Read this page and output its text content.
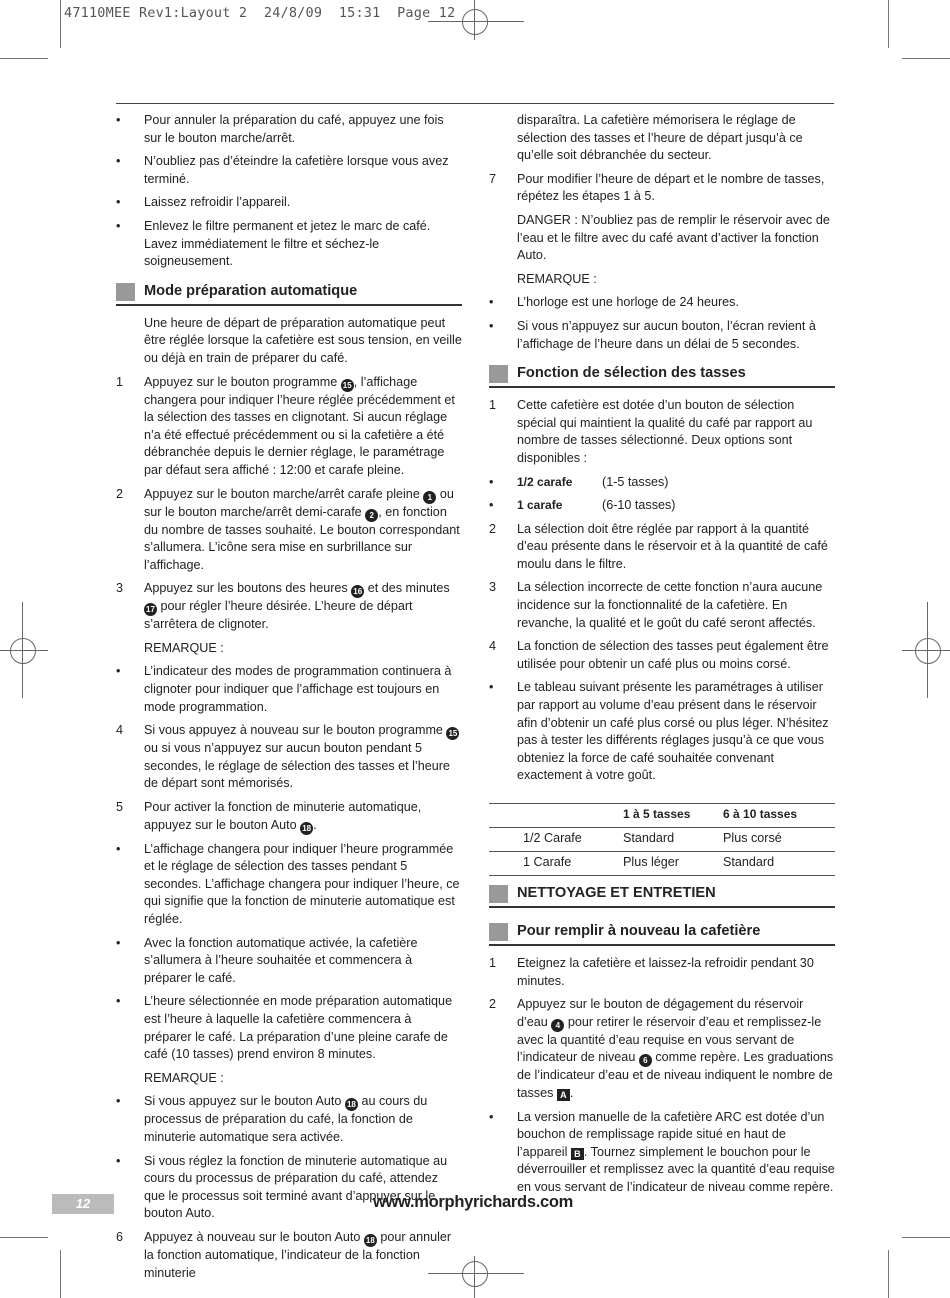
47110MEE Rev1:Layout 2  24/8/09  15:31  Page 12
• Pour annuler la préparation du café, appuyez une fois sur le bouton marche/arrêt.
• N’oubliez pas d’éteindre la cafetière lorsque vous avez terminé.
• Laissez refroidir l’appareil.
• Enlevez le filtre permanent et jetez le marc de café. Lavez immédiatement le filtre et séchez-le soigneusement.
Mode préparation automatique
Une heure de départ de préparation automatique peut être réglée lorsque la cafetière est sous tension, en veille ou déjà en train de préparer du café.
1 Appuyez sur le bouton programme 15 , l’affichage changera pour indiquer l’heure réglée précédemment et la sélection des tasses en clignotant. Si aucun réglage n’a été effectué précédemment ou si la cafetière a été débranchée depuis le dernier réglage, le paramétrage par défaut sera affiché : 12:00 et carafe pleine.
2 Appuyez sur le bouton marche/arrêt carafe pleine 1 ou sur le bouton marche/arrêt demi-carafe 2 , en fonction du nombre de tasses souhaité. Le bouton correspondant s’allumera. L’icône sera mise en surbrillance sur l’affichage.
3 Appuyez sur les boutons des heures 16 et des minutes 17 pour régler l’heure désirée. L’heure de départ s’arrêtera de clignoter.
REMARQUE :
• L’indicateur des modes de programmation continuera à clignoter pour indiquer que l’affichage est toujours en mode programmation.
4 Si vous appuyez à nouveau sur le bouton programme 15 ou si vous n’appuyez sur aucun bouton pendant 5 secondes, le réglage de sélection des tasses et l’heure de départ sont mémorisés.
5 Pour activer la fonction de minuterie automatique, appuyez sur le bouton Auto 18 .
• L’affichage changera pour indiquer l’heure programmée et le réglage de sélection des tasses pendant 5 secondes. L’affichage changera pour indiquer l’heure, ce qui signifie que la fonction de minuterie automatique est réglée.
• Avec la fonction automatique activée, la cafetière s’allumera à l’heure souhaitée et commencera à préparer le café.
• L’heure sélectionnée en mode préparation automatique est l’heure à laquelle la cafetière commencera à préparer le café. La préparation d’une pleine carafe de café (10 tasses) prend environ 8 minutes.
REMARQUE :
• Si vous appuyez sur le bouton Auto 18 au cours du processus de préparation du café, la fonction de minuterie automatique sera activée.
• Si vous réglez la fonction de minuterie automatique au cours du processus de préparation du café, attendez que le processus soit terminé avant d’appuyer sur le bouton Auto.
6 Appuyez à nouveau sur le bouton Auto 18 pour annuler la fonction automatique, l’indicateur de la fonction minuterie
disparaîtra. La cafetière mémorisera le réglage de sélection des tasses et l’heure de départ jusqu’à ce qu’elle soit débranchée du secteur.
7 Pour modifier l’heure de départ et le nombre de tasses, répétez les étapes 1 à 5.
DANGER : N’oubliez pas de remplir le réservoir avec de l’eau et le filtre avec du café avant d’activer la fonction Auto.
REMARQUE :
• L’horloge est une horloge de 24 heures.
• Si vous n’appuyez sur aucun bouton, l’écran revient à l’affichage de l’heure dans un délai de 5 secondes.
Fonction de sélection des tasses
1 Cette cafetière est dotée d’un bouton de sélection spécial qui maintient la qualité du café par rapport au nombre de tasses sélectionné. Deux options sont disponibles :
• 1/2 carafe	(1-5 tasses)
• 1 carafe	(6-10 tasses)
2 La sélection doit être réglée par rapport à la quantité d’eau présente dans le réservoir et à la quantité de café moulu dans le filtre.
3 La sélection incorrecte de cette fonction n’aura aucune incidence sur la fonctionnalité de la cafetière. En revanche, la qualité et le goût du café seront affectés.
4 La fonction de sélection des tasses peut également être utilisée pour obtenir un café plus ou moins corsé.
• Le tableau suivant présente les paramétrages à utiliser par rapport au volume d’eau présent dans le réservoir afin d’obtenir un café plus corsé ou plus léger. N’hésitez pas à tester les différents réglages jusqu’à ce que vous obteniez la force de café souhaitée convenant exactement à votre goût.
		1 à 5 tasses	6 à 10 tasses
	1/2 Carafe	Standard	Plus corsé
	1 Carafe	Plus léger	Standard
NETTOYAGE ET ENTRETIEN
Pour remplir à nouveau la cafetière
1 Eteignez la cafetière et laissez-la refroidir pendant 30 minutes.
2 Appuyez sur le bouton de dégagement du réservoir d’eau 4 pour retirer le réservoir d’eau et remplissez-le avec la quantité d’eau requise en vous servant de l’indicateur de niveau 6 comme repère. Les graduations de l’indicateur d’eau et de niveau indiquent le nombre de tasses A .
• La version manuelle de la cafetière ARC est dotée d’un bouchon de remplissage rapide situé en haut de l’appareil B . Tournez simplement le bouchon pour le déverrouiller et remplissez avec la quantité d’eau requise en vous servant de l’indicateur de niveau comme repère.
12	www.morphyrichards.com
